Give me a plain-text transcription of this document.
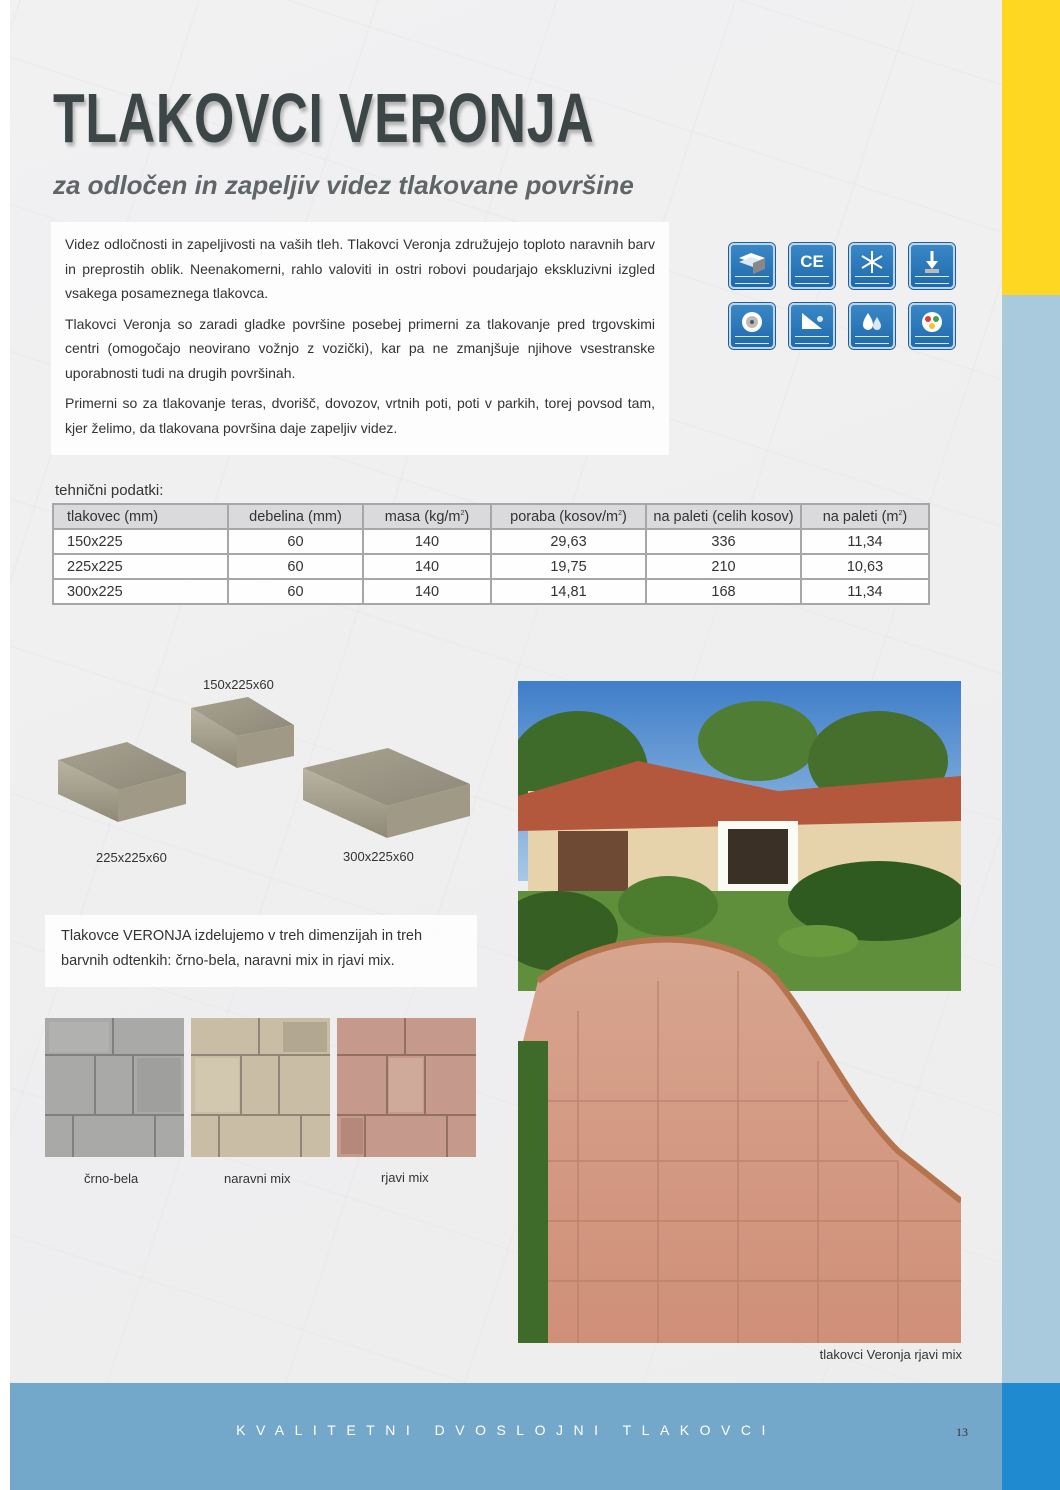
TLAKOVCI VERONJA
za odločen in zapeljiv videz tlakovane površine

Videz odločnosti in zapeljivosti na vaših tleh. Tlakovci Veronja združujejo toploto naravnih barv in preprostih oblik. Neenakomerni, rahlo valoviti in ostri robovi poudarjajo ekskluzivni izgled vsakega posameznega tlakovca.

Tlakovci Veronja so zaradi gladke površine posebej primerni za tlakovanje pred trgovskimi centri (omogočajo neovirano vožnjo z vozički), kar pa ne zmanjšuje njihove vsestranske uporabnosti tudi na drugih površinah.

Primerni so za tlakovanje teras, dvorišč, dovozov, vrtnih poti, poti v parkih, torej povsod tam, kjer želimo, da tlakovana površina daje zapeljiv videz.

CE
tehnični podatki:
tlakovec (mm)	debelina (mm)	masa $(kg/m^2)$	poraba $(kosov/m^2)$	na paleti (celih kosov)	na paleti $(m^2)$
150x225	60	140	29,63	336	11,34
225x225	60	140	19,75	210	10,63
300x225	60	140	14,81	168	11,34
150x225x60
225x225x60	300x225x60

Tlakovce VERONJA izdelujemo v treh dimenzijah in treh

barvnih odtenkih: črno-bela, naravni mix in rjavi mix.

črno-bela	naravni mix	rjavi mix
tlakovci Veronja rjavi mix
KVALITETNI DVOSLOJNI TLAKOVCI	13
